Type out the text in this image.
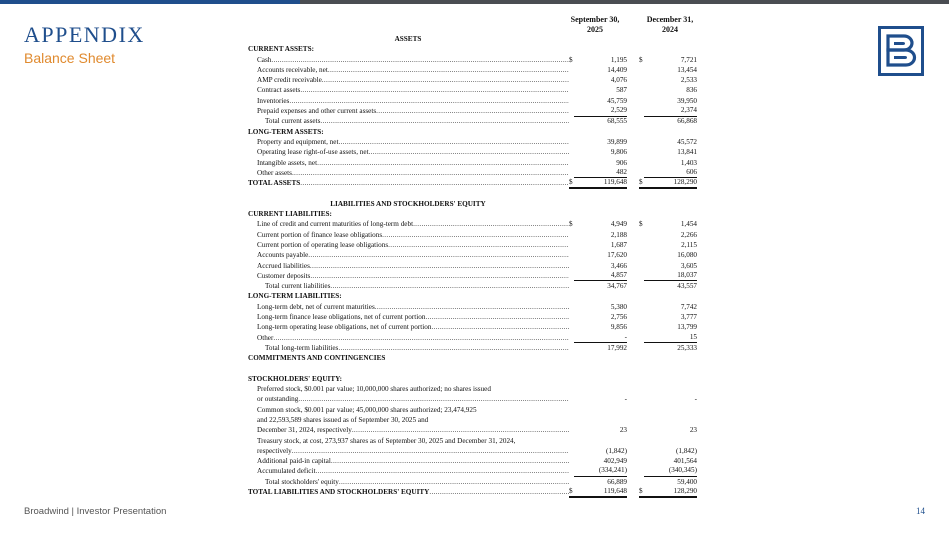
APPENDIX
Balance Sheet
September 30,
2025
December 31,
2024
ASSETS
CURRENT ASSETS:
Cash .....	$	1,195 $	7,721
Accounts receivable, net .....	14,409	13,454
AMP credit receivable .....	4,076	2,533
Contract assets .....	587	836
Inventories .....	45,759	39,950
Prepaid expenses and other current assets .....	2,529	2,374
Total current assets .....	68,555	66,868
LONG-TERM ASSETS:
Property and equipment, net .....	39,899	45,572
Operating lease right-of-use assets, net .....	9,806	13,841
Intangible assets, net .....	906	1,403
Other assets .....	482	606
TOTAL ASSETS .....	$	119,648 $	128,290
LIABILITIES AND STOCKHOLDERS' EQUITY
CURRENT LIABILITIES:
Line of credit and current maturities of long-term debt .....	$	4,949 $	1,454
Current portion of finance lease obligations .....	2,188	2,266
Current portion of operating lease obligations .....	1,687	2,115
Accounts payable .....	17,620	16,080
Accrued liabilities .....	3,466	3,605
Customer deposits .....	4,857	18,037
Total current liabilities .....	34,767	43,557
LONG-TERM LIABILITIES:
Long-term debt, net of current maturities .....	5,380	7,742
Long-term finance lease obligations, net of current portion .....	2,756	3,777
Long-term operating lease obligations, net of current portion .....	9,856	13,799
Other .....	-	15
Total long-term liabilities .....	17,992	25,333
COMMITMENTS AND CONTINGENCIES
STOCKHOLDERS' EQUITY:
Preferred stock, $0.001 par value; 10,000,000 shares authorized; no shares issued
or outstanding .....	-	-
Common stock, $0.001 par value; 45,000,000 shares authorized; 23,474,925
and 22,593,589 shares issued as of September 30, 2025 and
December 31, 2024, respectively .....	23	23
Treasury stock, at cost, 273,937 shares as of September 30, 2025 and December 31, 2024,
respectively .....	(1,842)	(1,842)
Additional paid-in capital .....	402,949	401,564
Accumulated deficit .....	(334,241)	(340,345)
Total stockholders' equity .....	66,889	59,400
TOTAL LIABILITIES AND STOCKHOLDERS' EQUITY .....	$	119,648 $	128,290
Broadwind | Investor Presentation	14
